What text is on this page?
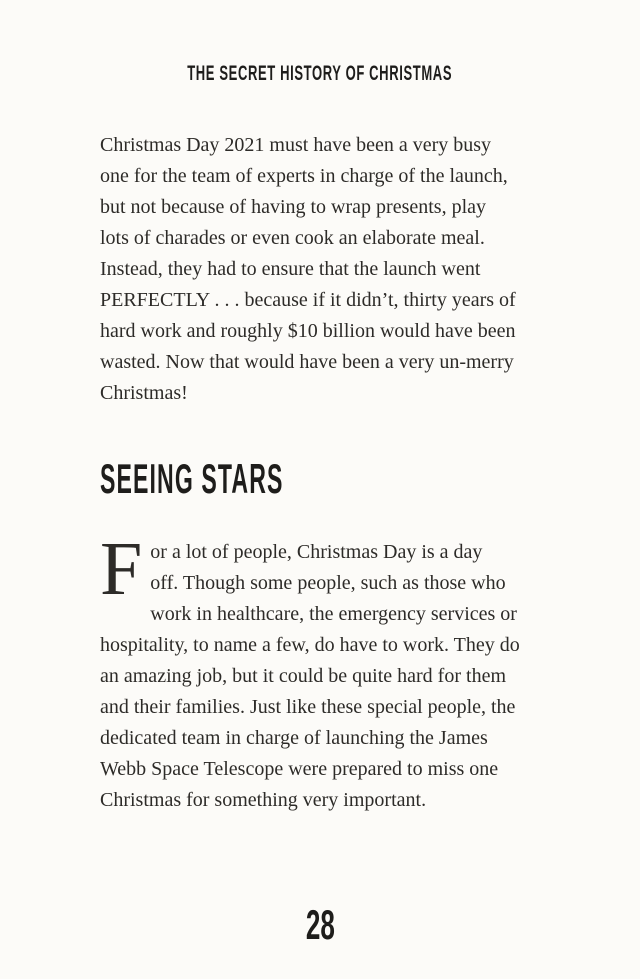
THE SECRET HISTORY OF CHRISTMAS
Christmas Day 2021 must have been a very busy
one for the team of experts in charge of the launch,
but not because of having to wrap presents, play
lots of charades or even cook an elaborate meal.
Instead, they had to ensure that the launch went
PERFECTLY . . . because if it didn’t, thirty years of
hard work and roughly $10 billion would have been
wasted. Now that would have been a very un-merry
Christmas!
SEEING STARS
F or a lot of people, Christmas Day is a day
off. Though some people, such as those who
work in healthcare, the emergency services or
hospitality, to name a few, do have to work. They do
an amazing job, but it could be quite hard for them
and their families. Just like these special people, the
dedicated team in charge of launching the James
Webb Space Telescope were prepared to miss one
Christmas for something very important.
28
